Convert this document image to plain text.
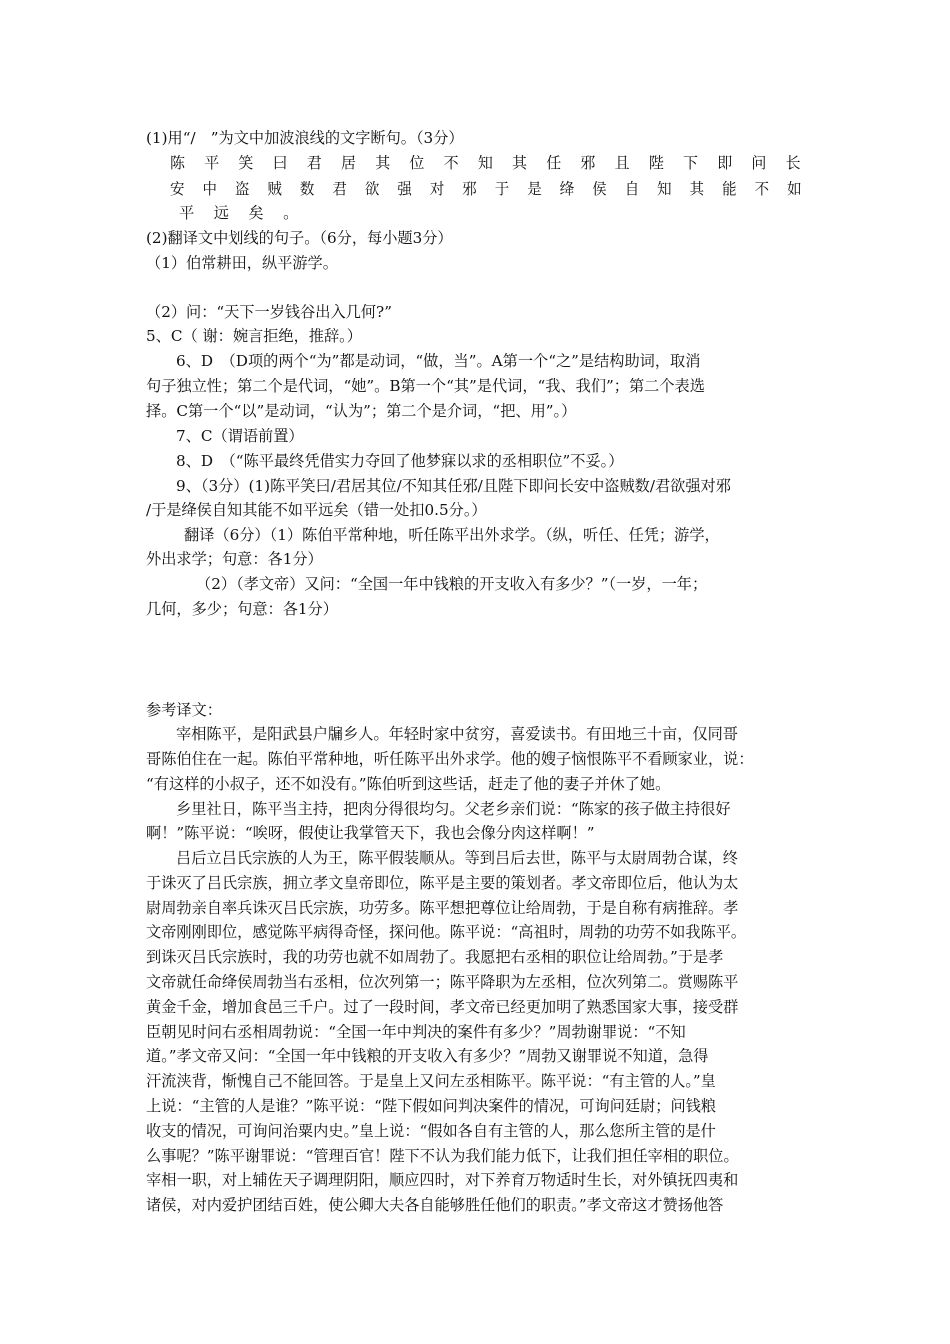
(1)用“/　”为文中加波浪线的文字断句。（3分）
陈平笑曰君居其位不知其任邪且陛下即问长
安中盗贼数君欲强对邪于是绛侯自知其能不如
平远矣。
(2)翻译文中划线的句子。（6分，每小题3分）
（1）伯常耕田，纵平游学。
（2）问：“天下一岁钱谷出入几何?”
5、C（ 谢：婉言拒绝，推辞。）
6、D　（D项的两个“为”都是动词，“做，当”。A第一个“之”是结构助词，取消
句子独立性；第二个是代词，“她”。B第一个“其”是代词，“我、我们”；第二个表选
择。C第一个“以”是动词，“认为”；第二个是介词，“把、用”。）
7、C（谓语前置）
8、D　（“陈平最终凭借实力夺回了他梦寐以求的丞相职位”不妥。）
9、（3分）(1)陈平笑曰/君居其位/不知其任邪/且陛下即问长安中盗贼数/君欲强对邪
/于是绛侯自知其能不如平远矣（错一处扣0.5分。）
翻译（6分）（1）陈伯平常种地，听任陈平出外求学。（纵，听任、任凭；游学，
外出求学；句意：各1分）
（2）（孝文帝）又问：“全国一年中钱粮的开支收入有多少？”（一岁，一年；
几何，多少；句意：各1分）
参考译文：
宰相陈平，是阳武县户牖乡人。年轻时家中贫穷，喜爱读书。有田地三十亩，仅同哥
哥陈伯住在一起。陈伯平常种地，听任陈平出外求学。他的嫂子恼恨陈平不看顾家业，说：
“有这样的小叔子，还不如没有。”陈伯听到这些话，赶走了他的妻子并休了她。
乡里社日，陈平当主持，把肉分得很均匀。父老乡亲们说：“陈家的孩子做主持很好
啊！”陈平说：“唉呀，假使让我掌管天下，我也会像分肉这样啊！”
吕后立吕氏宗族的人为王，陈平假装顺从。等到吕后去世，陈平与太尉周勃合谋，终
于诛灭了吕氏宗族，拥立孝文皇帝即位，陈平是主要的策划者。孝文帝即位后，他认为太
尉周勃亲自率兵诛灭吕氏宗族，功劳多。陈平想把尊位让给周勃，于是自称有病推辞。孝
文帝刚刚即位，感觉陈平病得奇怪，探问他。陈平说：“高祖时，周勃的功劳不如我陈平。
到诛灭吕氏宗族时，我的功劳也就不如周勃了。我愿把右丞相的职位让给周勃。”于是孝
文帝就任命绛侯周勃当右丞相，位次列第一；陈平降职为左丞相，位次列第二。赏赐陈平
黄金千金，增加食邑三千户。过了一段时间，孝文帝已经更加明了熟悉国家大事，接受群
臣朝见时问右丞相周勃说：“全国一年中判决的案件有多少？”周勃谢罪说：“不知
道。”孝文帝又问：“全国一年中钱粮的开支收入有多少？”周勃又谢罪说不知道，急得
汗流浃背，惭愧自己不能回答。于是皇上又问左丞相陈平。陈平说：“有主管的人。”皇
上说：“主管的人是谁？”陈平说：“陛下假如问判决案件的情况，可询问廷尉；问钱粮
收支的情况，可询问治粟内史。”皇上说：“假如各自有主管的人，那么您所主管的是什
么事呢？”陈平谢罪说：“管理百官！陛下不认为我们能力低下，让我们担任宰相的职位。
宰相一职，对上辅佐天子调理阴阳，顺应四时，对下养育万物适时生长，对外镇抚四夷和
诸侯，对内爱护团结百姓，使公卿大夫各自能够胜任他们的职责。”孝文帝这才赞扬他答
